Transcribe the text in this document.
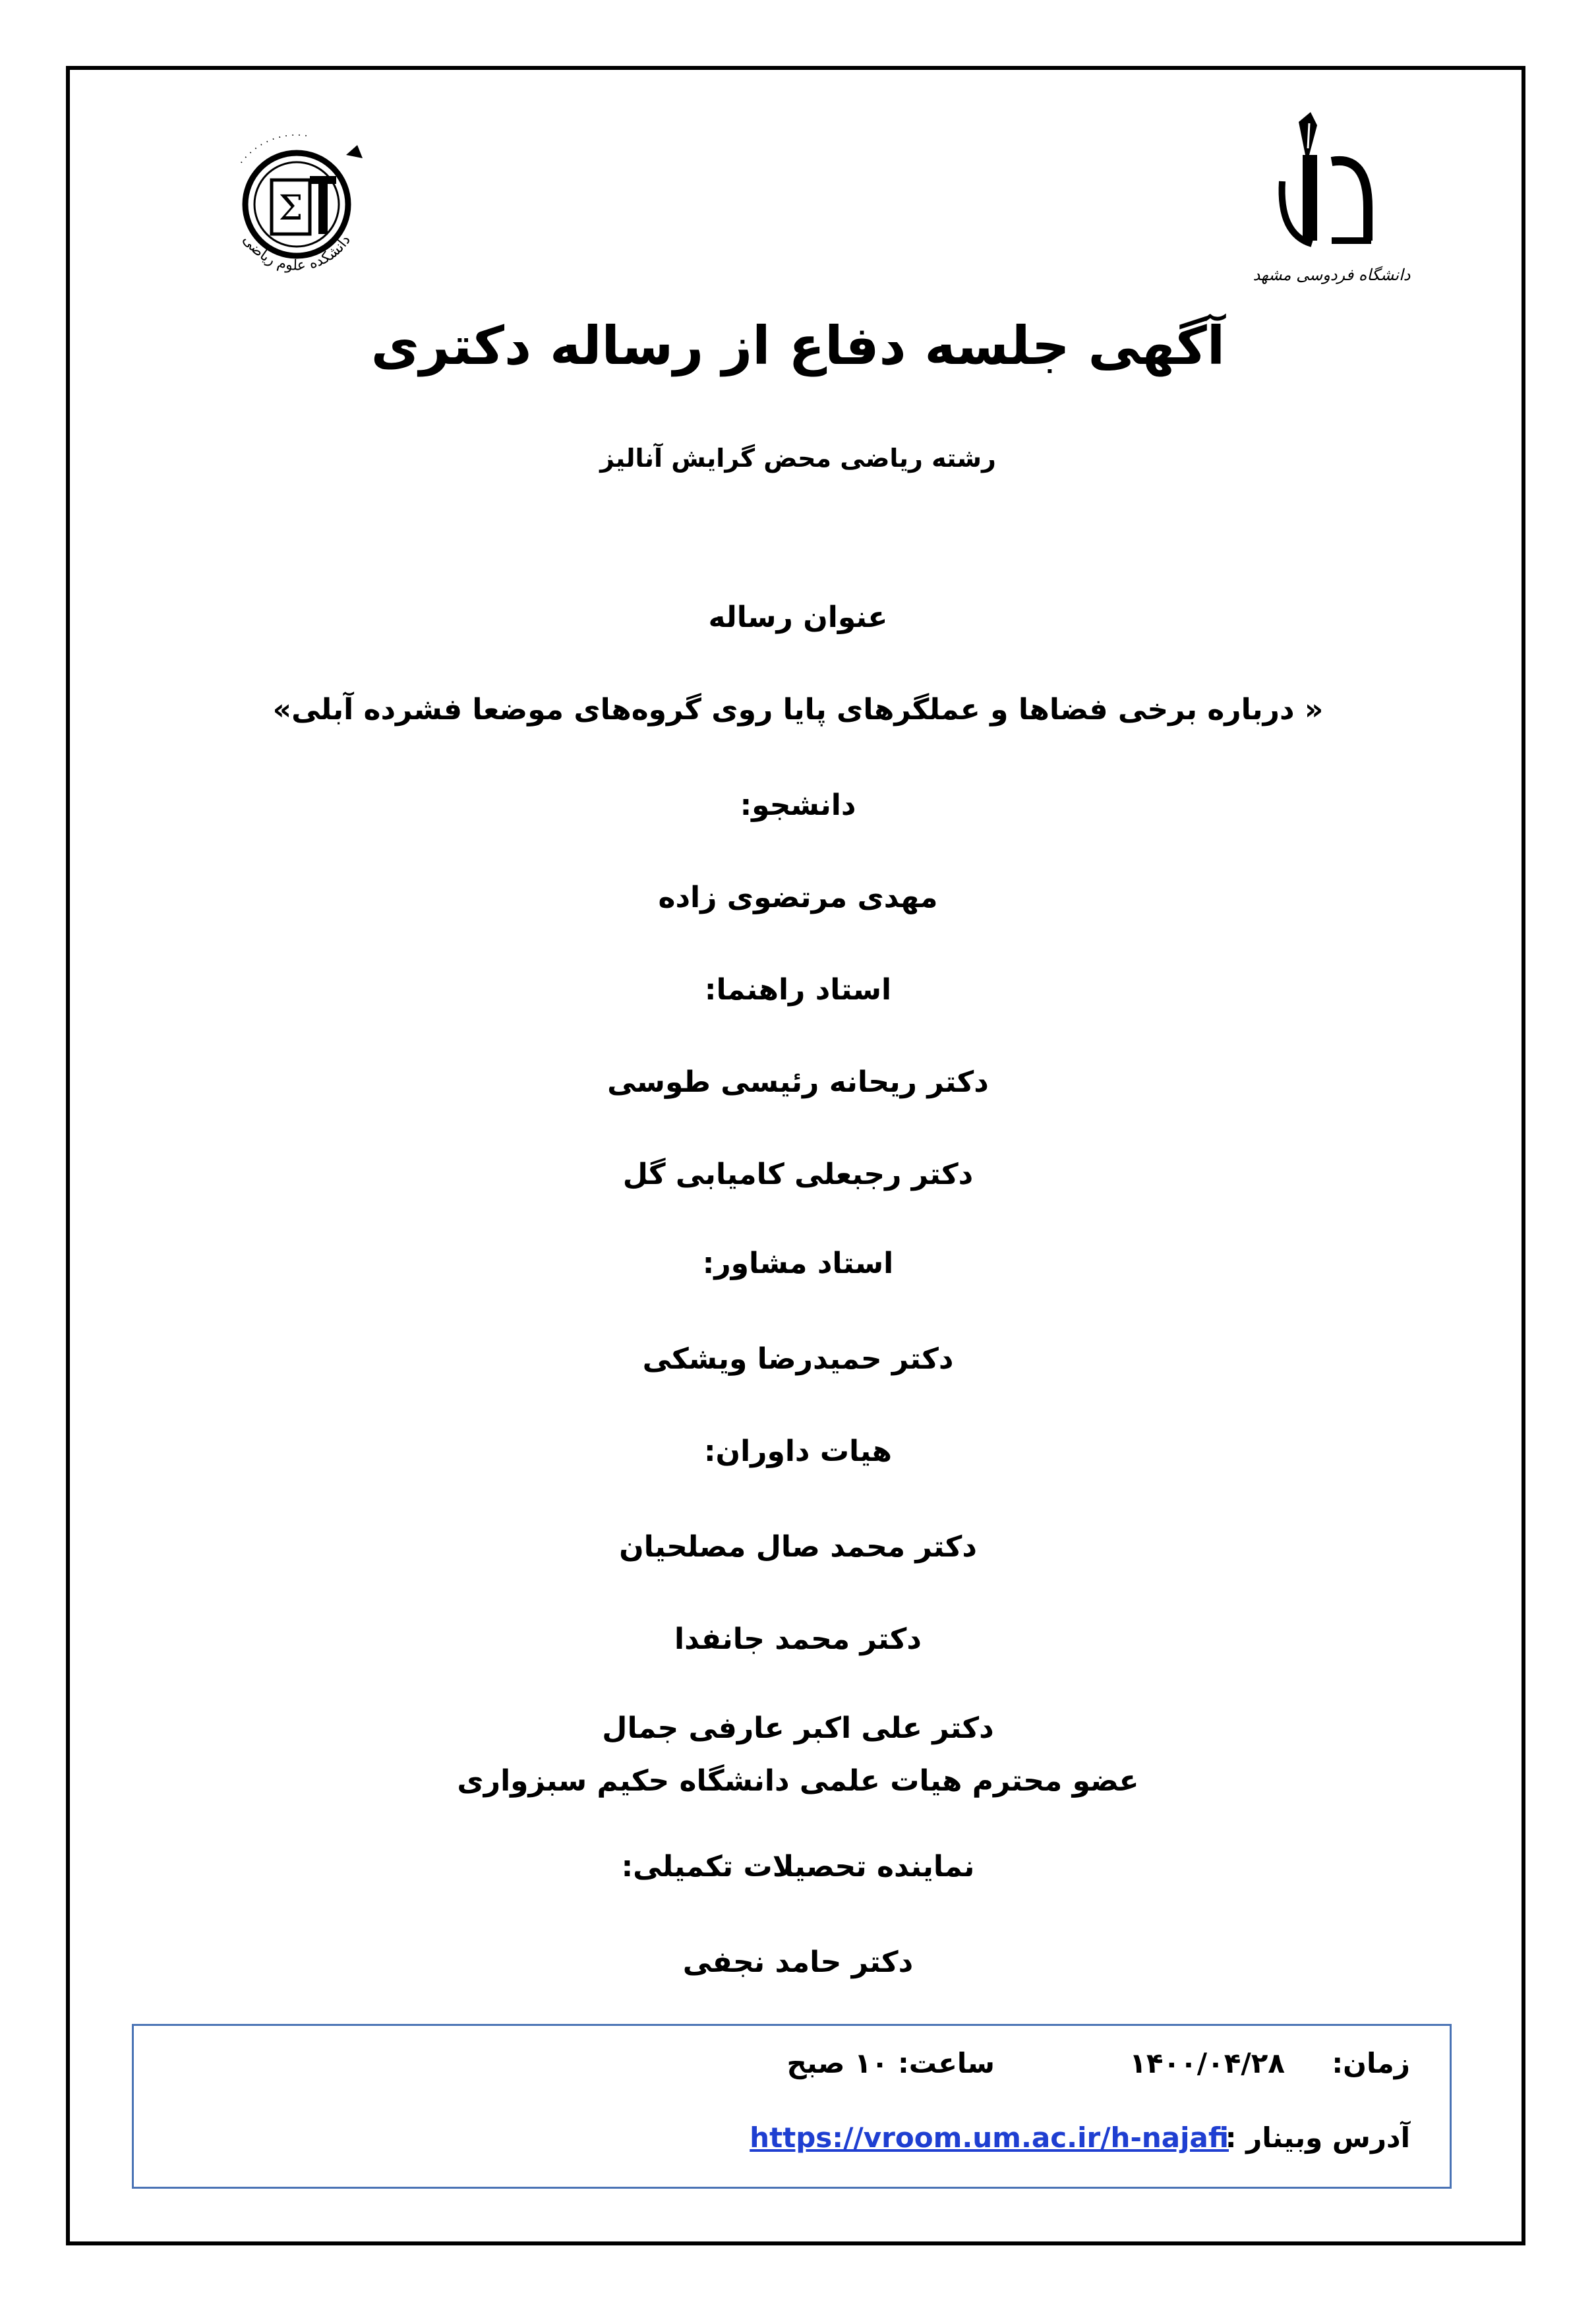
Σ
· · · · · · · · · · · ·
دانشکده علوم ریاضی
دانشگاه فردوسی مشهد
آگهی جلسه دفاع از رساله دکتری
رشته ریاضی محض گرایش آنالیز
عنوان رساله
« درباره برخی فضاها و عملگرهای پایا روی گروه‌های موضعا فشرده آبلی»
دانشجو:
مهدی مرتضوی زاده
استاد راهنما:
دکتر ریحانه رئیسی طوسی
دکتر رجبعلی کامیابی گل
استاد مشاور:
دکتر حمیدرضا ویشکی
هیات داوران:
دکتر محمد صال مصلحیان
دکتر محمد جانفدا
دکتر علی اکبر عارفی جمال
عضو محترم هیات علمی دانشگاه حکیم سبزواری
نماینده تحصیلات تکمیلی:
دکتر حامد نجفی
زمان:
۱۴۰۰/۰۴/۲۸
ساعت: ۱۰ صبح
آدرس وبینار :
https://vroom.um.ac.ir/h-najafi
